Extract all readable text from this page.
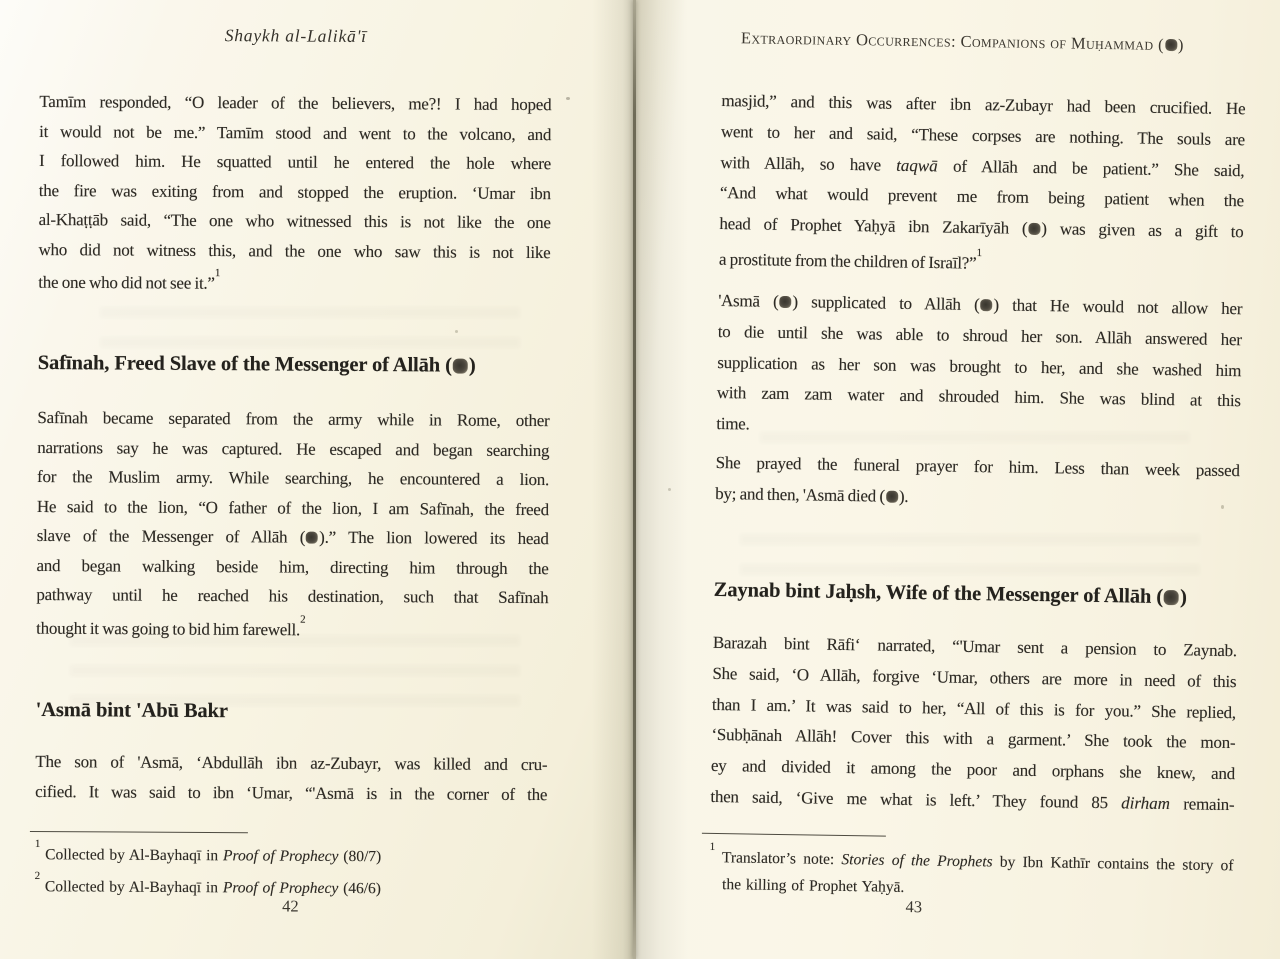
Shaykh al-Lalikā'ī
Tamīm responded, “O leader of the believers, me?! I had hoped
it would not be me.” Tamīm stood and went to the volcano, and
I followed him. He squatted until he entered the hole where
the fire was exiting from and stopped the eruption. ‘Umar ibn
al-Khaṭṭāb said, “The one who witnessed this is not like the one
who did not witness this, and the one who saw this is not like
the one who did not see it.”$^1$
Safīnah, Freed Slave of the Messenger of Allāh ( )
Safīnah became separated from the army while in Rome, other
narrations say he was captured. He escaped and began searching
for the Muslim army. While searching, he encountered a lion.
He said to the lion, “O father of the lion, I am Safīnah, the freed
slave of the Messenger of Allāh ( ).” The lion lowered its head
and began walking beside him, directing him through the
pathway until he reached his destination, such that Safīnah
thought it was going to bid him farewell.$^2$
'Asmā bint 'Abū Bakr
The son of 'Asmā, ‘Abdullāh ibn az-Zubayr, was killed and cru-
cified. It was said to ibn ‘Umar, “'Asmā is in the corner of the
$^1$ Collected by Al-Bayhaqī in Proof of Prophecy (80/7)
$^2$ Collected by Al-Bayhaqī in Proof of Prophecy (46/6)
42
Extraordinary Occurrences: Companions of Muḥammad ( )
masjid,” and this was after ibn az-Zubayr had been crucified. He
went to her and said, “These corpses are nothing. The souls are
with Allāh, so have taqwā of Allāh and be patient.” She said,
“And what would prevent me from being patient when the
head of Prophet Yaḥyā ibn Zakarīyāh ( ) was given as a gift to
a prostitute from the children of Israīl?”$^1$
'Asmā ( ) supplicated to Allāh ( ) that He would not allow her
to die until she was able to shroud her son. Allāh answered her
supplication as her son was brought to her, and she washed him
with zam zam water and shrouded him. She was blind at this
time.
She prayed the funeral prayer for him. Less than week passed
by; and then, 'Asmā died ( ).
Zaynab bint Jaḥsh, Wife of the Messenger of Allāh ( )
Barazah bint Rāfi‘ narrated, “'Umar sent a pension to Zaynab.
She said, ‘O Allāh, forgive ‘Umar, others are more in need of this
than I am.’ It was said to her, “All of this is for you.” She replied,
‘Subḥānah Allāh! Cover this with a garment.’ She took the mon-
ey and divided it among the poor and orphans she knew, and
then said, ‘Give me what is left.’ They found 85 dirham remain-
$^1$ Translator’s note: Stories of the Prophets by Ibn Kathīr contains the story of
the killing of Prophet Yaḥyā.
43
